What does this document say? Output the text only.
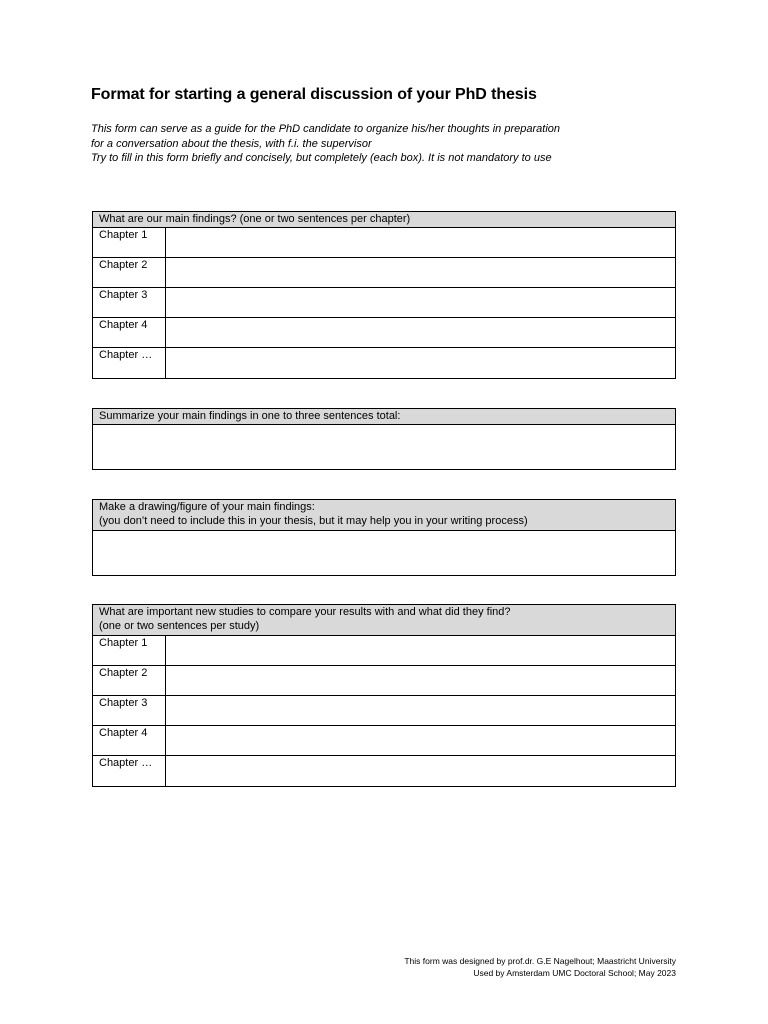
Format for starting a general discussion of your PhD thesis
This form can serve as a guide for the PhD candidate to organize his/her thoughts in preparation
for a conversation about the thesis, with f.i. the supervisor
Try to fill in this form briefly and concisely, but completely (each box). It is not mandatory to use
What are our main findings? (one or two sentences per chapter)	
Chapter 1	
Chapter 2	
Chapter 3	
Chapter 4	
Chapter …	
Summarize your main findings in one to three sentences total:

Make a drawing/figure of your main findings:
(you don’t need to include this in your thesis, but it may help you in your writing process)

What are important new studies to compare your results with and what did they find?
(one or two sentences per study)	

Chapter 1	
Chapter 2	
Chapter 3	
Chapter 4	
Chapter …	
This form was designed by prof.dr. G.E Nagelhout; Maastricht University
Used by Amsterdam UMC Doctoral School; May 2023
